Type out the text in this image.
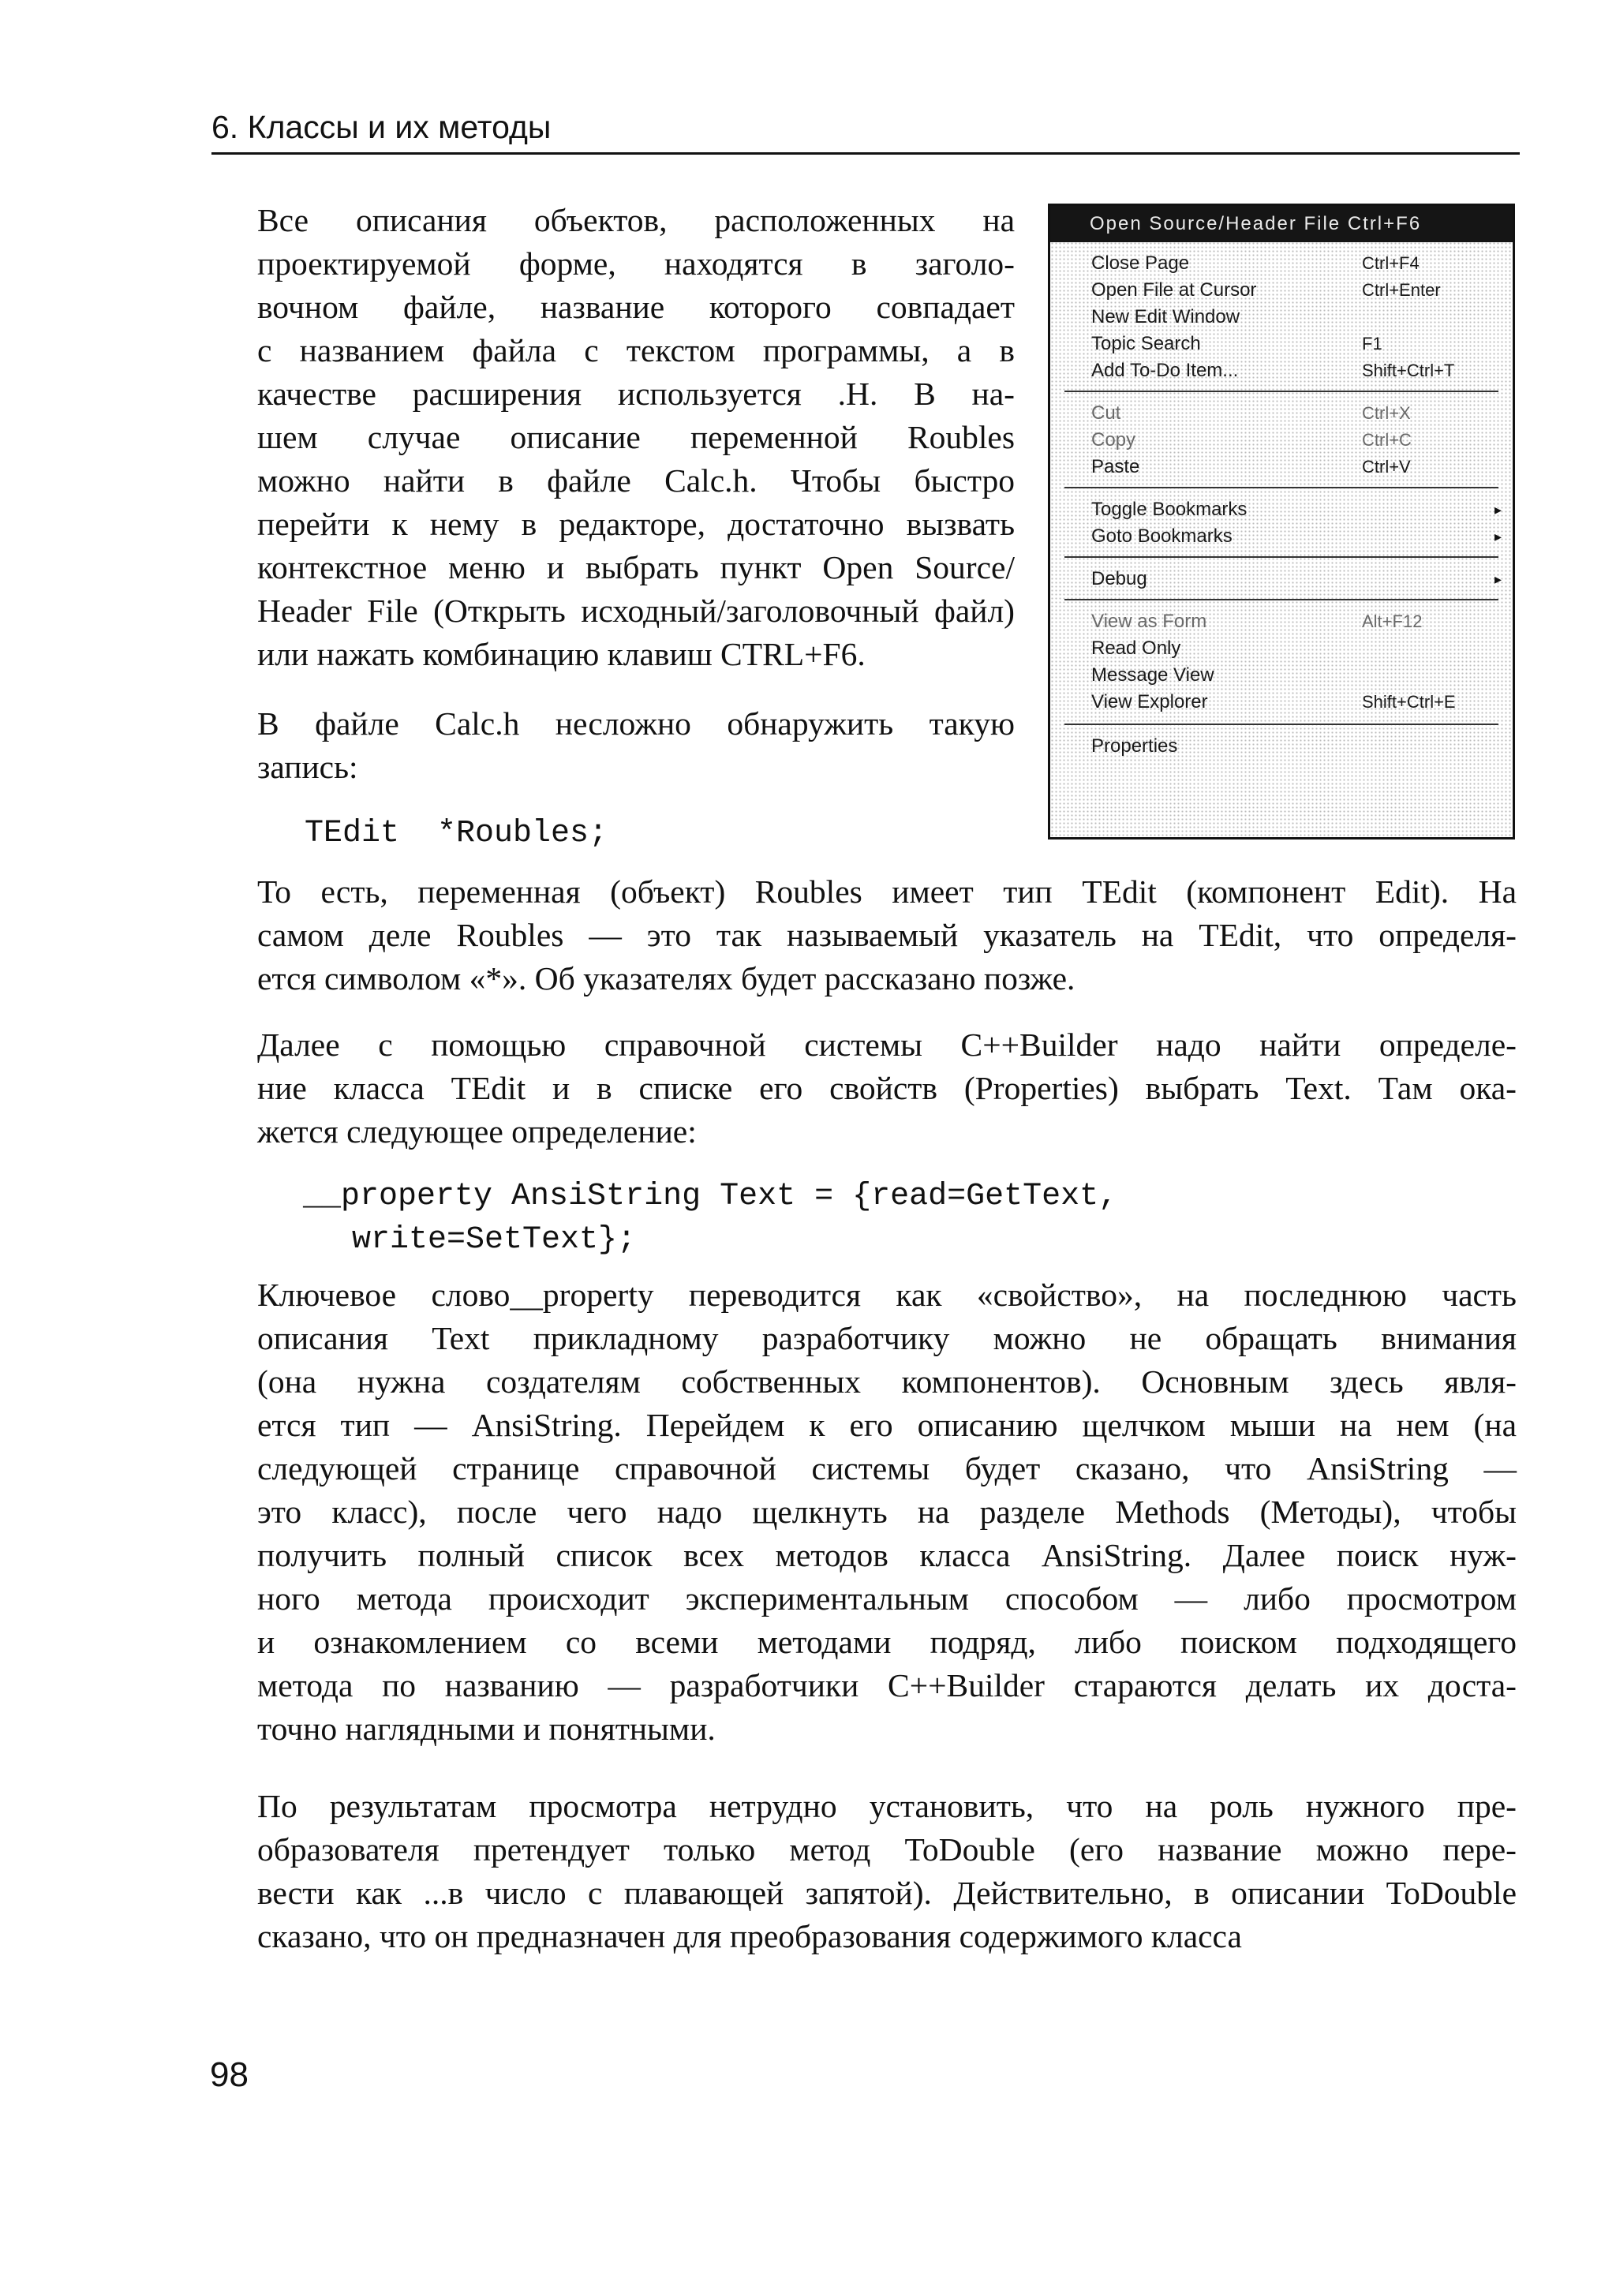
6. Классы и их методы
Все описания объектов, расположенных на
проектируемой форме, находятся в заголо-
вочном файле, название которого совпадает
с названием файла с текстом программы, а в
качестве расширения используется .H. В на-
шем случае описание переменной Roubles
можно найти в файле Calc.h. Чтобы быстро
перейти к нему в редакторе, достаточно вызвать
контекстное меню и выбрать пункт Open Source/
Header File (Открыть исходный/заголовочный файл)
или нажать комбинацию клавиш CTRL+F6.
В файле Calc.h несложно обнаружить такую
запись:
TEdit  *Roubles;
То есть, переменная (объект) Roubles имеет тип TEdit (компонент Edit). На
самом деле Roubles — это так называемый указатель на TEdit, что определя-
ется символом «*». Об указателях будет рассказано позже.
Далее с помощью справочной системы C++Builder надо найти определе-
ние класса TEdit и в списке его свойств (Properties) выбрать Text. Там ока-
жется следующее определение:
__property AnsiString Text = {read=GetText,
write=SetText};
Ключевое слово__property переводится как «свойство», на последнюю часть
описания Text прикладному разработчику можно не обращать внимания
(она нужна создателям собственных компонентов). Основным здесь явля-
ется тип — AnsiString. Перейдем к его описанию щелчком мыши на нем (на
следующей странице справочной системы будет сказано, что AnsiString —
это класс), после чего надо щелкнуть на разделе Methods (Методы), чтобы
получить полный список всех методов класса AnsiString. Далее поиск нуж-
ного метода происходит экспериментальным способом — либо просмотром
и ознакомлением со всеми методами подряд, либо поиском подходящего
метода по названию — разработчики C++Builder стараются делать их доста-
точно наглядными и понятными.
По результатам просмотра нетрудно установить, что на роль нужного пре-
образователя претендует только метод ToDouble (его название можно пере-
вести как ...в число с плавающей запятой). Действительно, в описании ToDouble
сказано, что он предназначен для преобразования содержимого класса
Open Source/Header File Ctrl+F6
Close Page	Ctrl+F4
Open File at Cursor	Ctrl+Enter
New Edit Window
Topic Search	F1
Add To-Do Item...	Shift+Ctrl+T
Cut	Ctrl+X
Copy	Ctrl+C
Paste	Ctrl+V
Toggle Bookmarks	▸
Goto Bookmarks	▸
Debug	▸
View as Form	Alt+F12
Read Only
Message View
View Explorer	Shift+Ctrl+E
Properties
98
